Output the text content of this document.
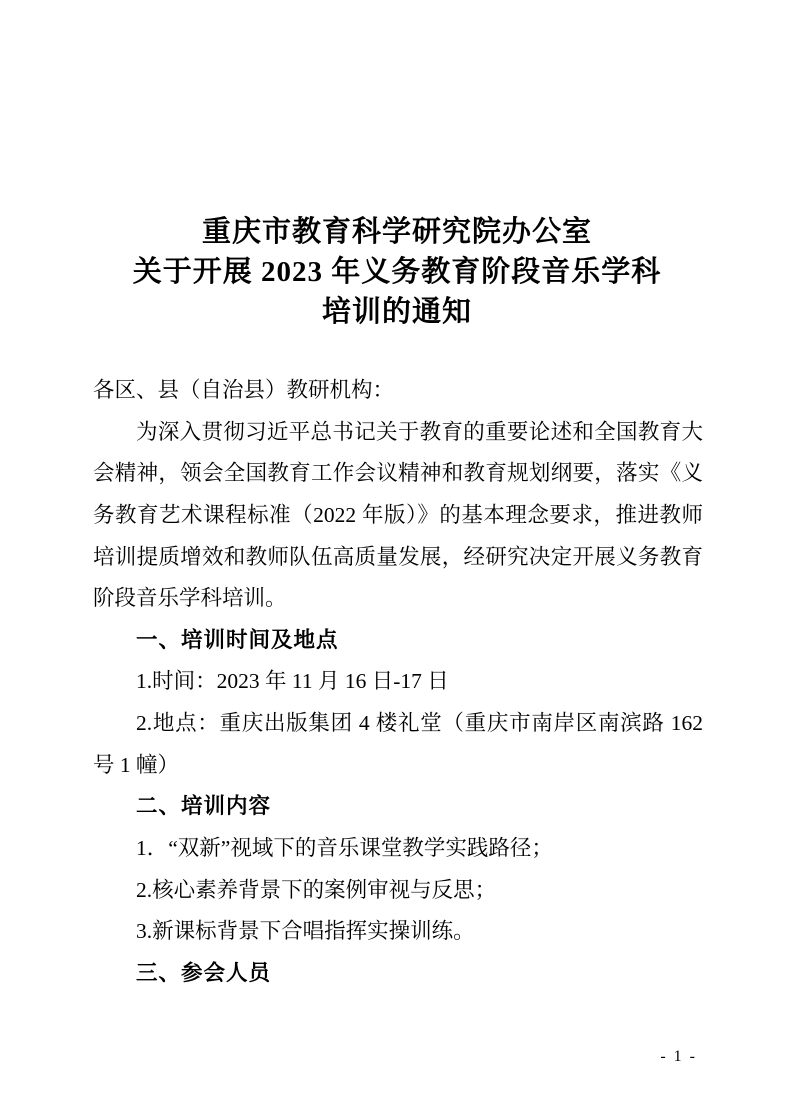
重庆市教育科学研究院办公室
关于开展 2023 年义务教育阶段音乐学科
培训的通知

各区、县（自治县）教研机构：

为深入贯彻习近平总书记关于教育的重要论述和全国教育大

会精神，领会全国教育工作会议精神和教育规划纲要，落实《义

务教育艺术课程标准（2022 年版）》的基本理念要求，推进教师

培训提质增效和教师队伍高质量发展，经研究决定开展义务教育

阶段音乐学科培训。

一、培训时间及地点

1.时间：2023 年 11 月 16 日-17 日

2.地点：重庆出版集团 4 楼礼堂（重庆市南岸区南滨路 162

号 1 幢）

二、培训内容

1．“双新”视域下的音乐课堂教学实践路径；

2.核心素养背景下的案例审视与反思；

3.新课标背景下合唱指挥实操训练。

三、参会人员

- 1 -
